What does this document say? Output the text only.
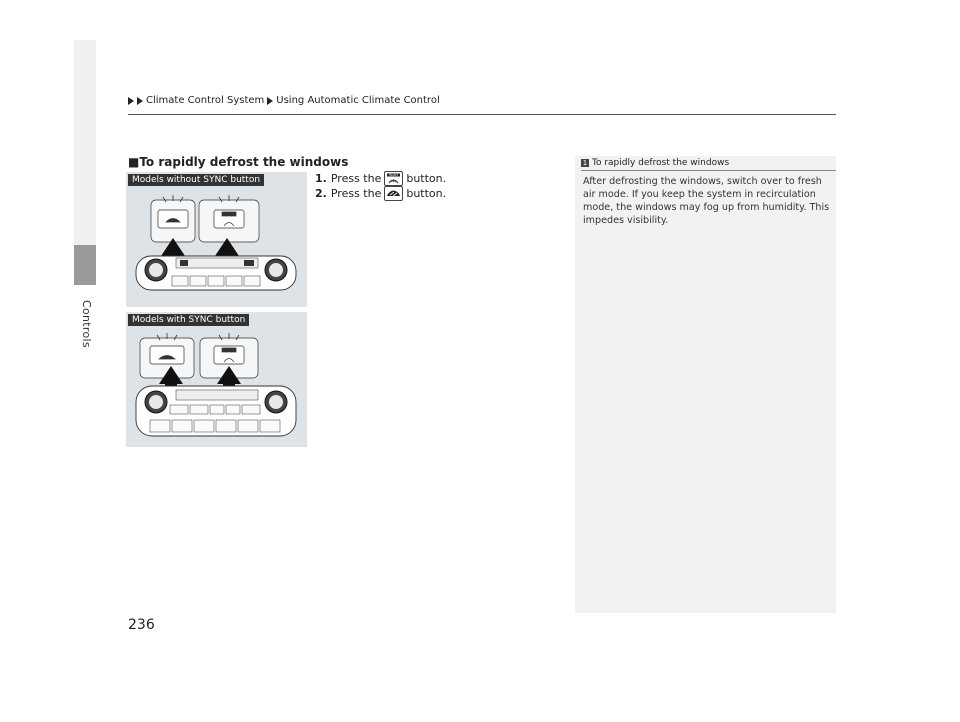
Controls
Climate Control System Using Automatic Climate Control
■To rapidly defrost the windows
1. Press the	FRONT button.
2. Press the button.
Models without SYNC button
Models with SYNC button
1 To rapidly defrost the windows
After defrosting the windows, switch over to fresh air mode. If you keep the system in recirculation mode, the windows may fog up from humidity. This impedes visibility.
236
